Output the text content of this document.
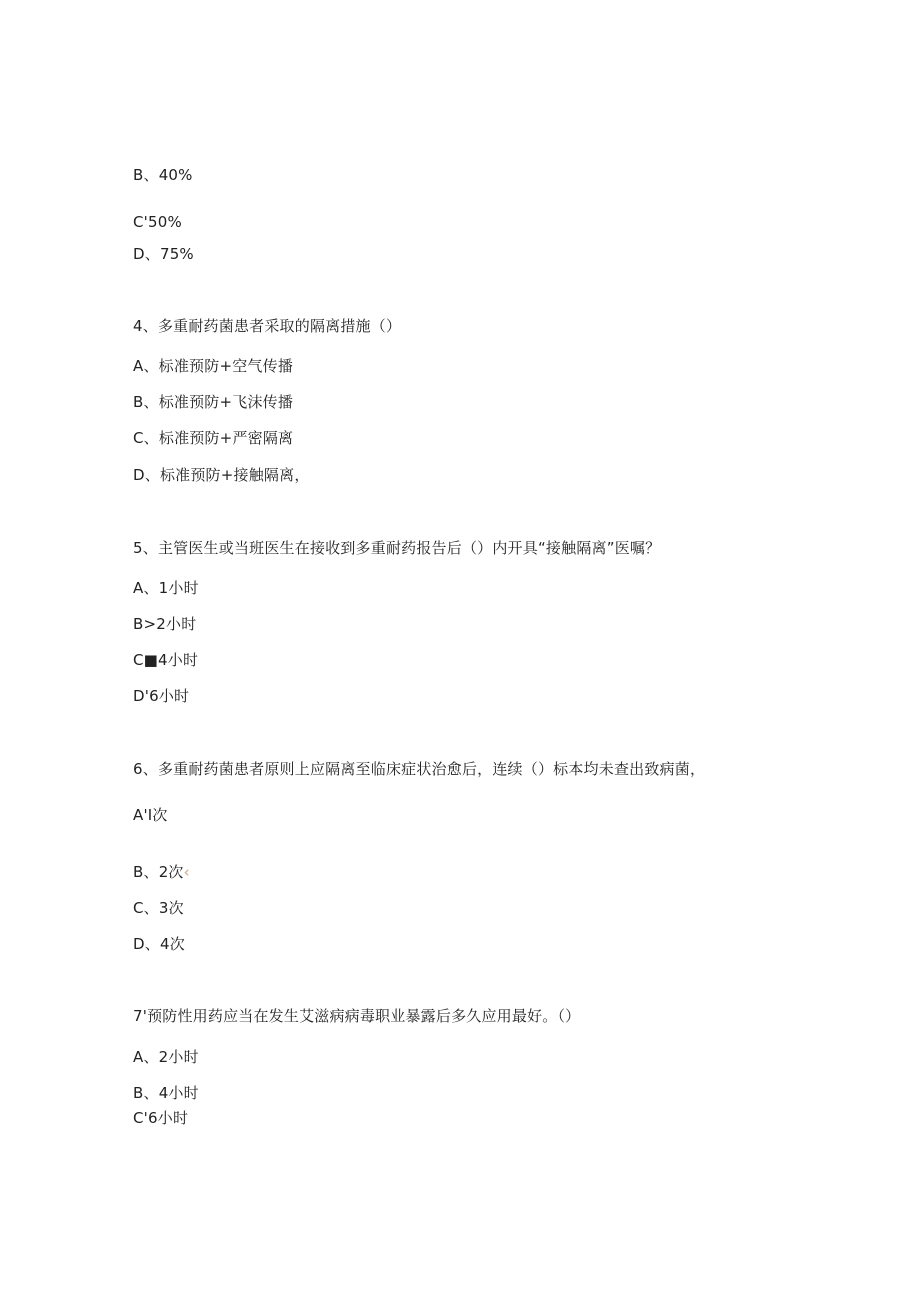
B、40%
C'50%
D、75%
4、多重耐药菌患者采取的隔离措施（）
A、标准预防+空气传播
B、标准预防+飞沫传播
C、标准预防+严密隔离
D、标准预防+接触隔离，
5、主管医生或当班医生在接收到多重耐药报告后（）内开具“接触隔离”医嘱？
A、1小时
B>2小时
C■4小时
D'6小时
6、多重耐药菌患者原则上应隔离至临床症状治愈后，连续（）标本均未查出致病菌，
A'I次
B、2次‹
C、3次
D、4次
7'预防性用药应当在发生艾滋病病毒职业暴露后多久应用最好。（）
A、2小时
B、4小时
C'6小时
